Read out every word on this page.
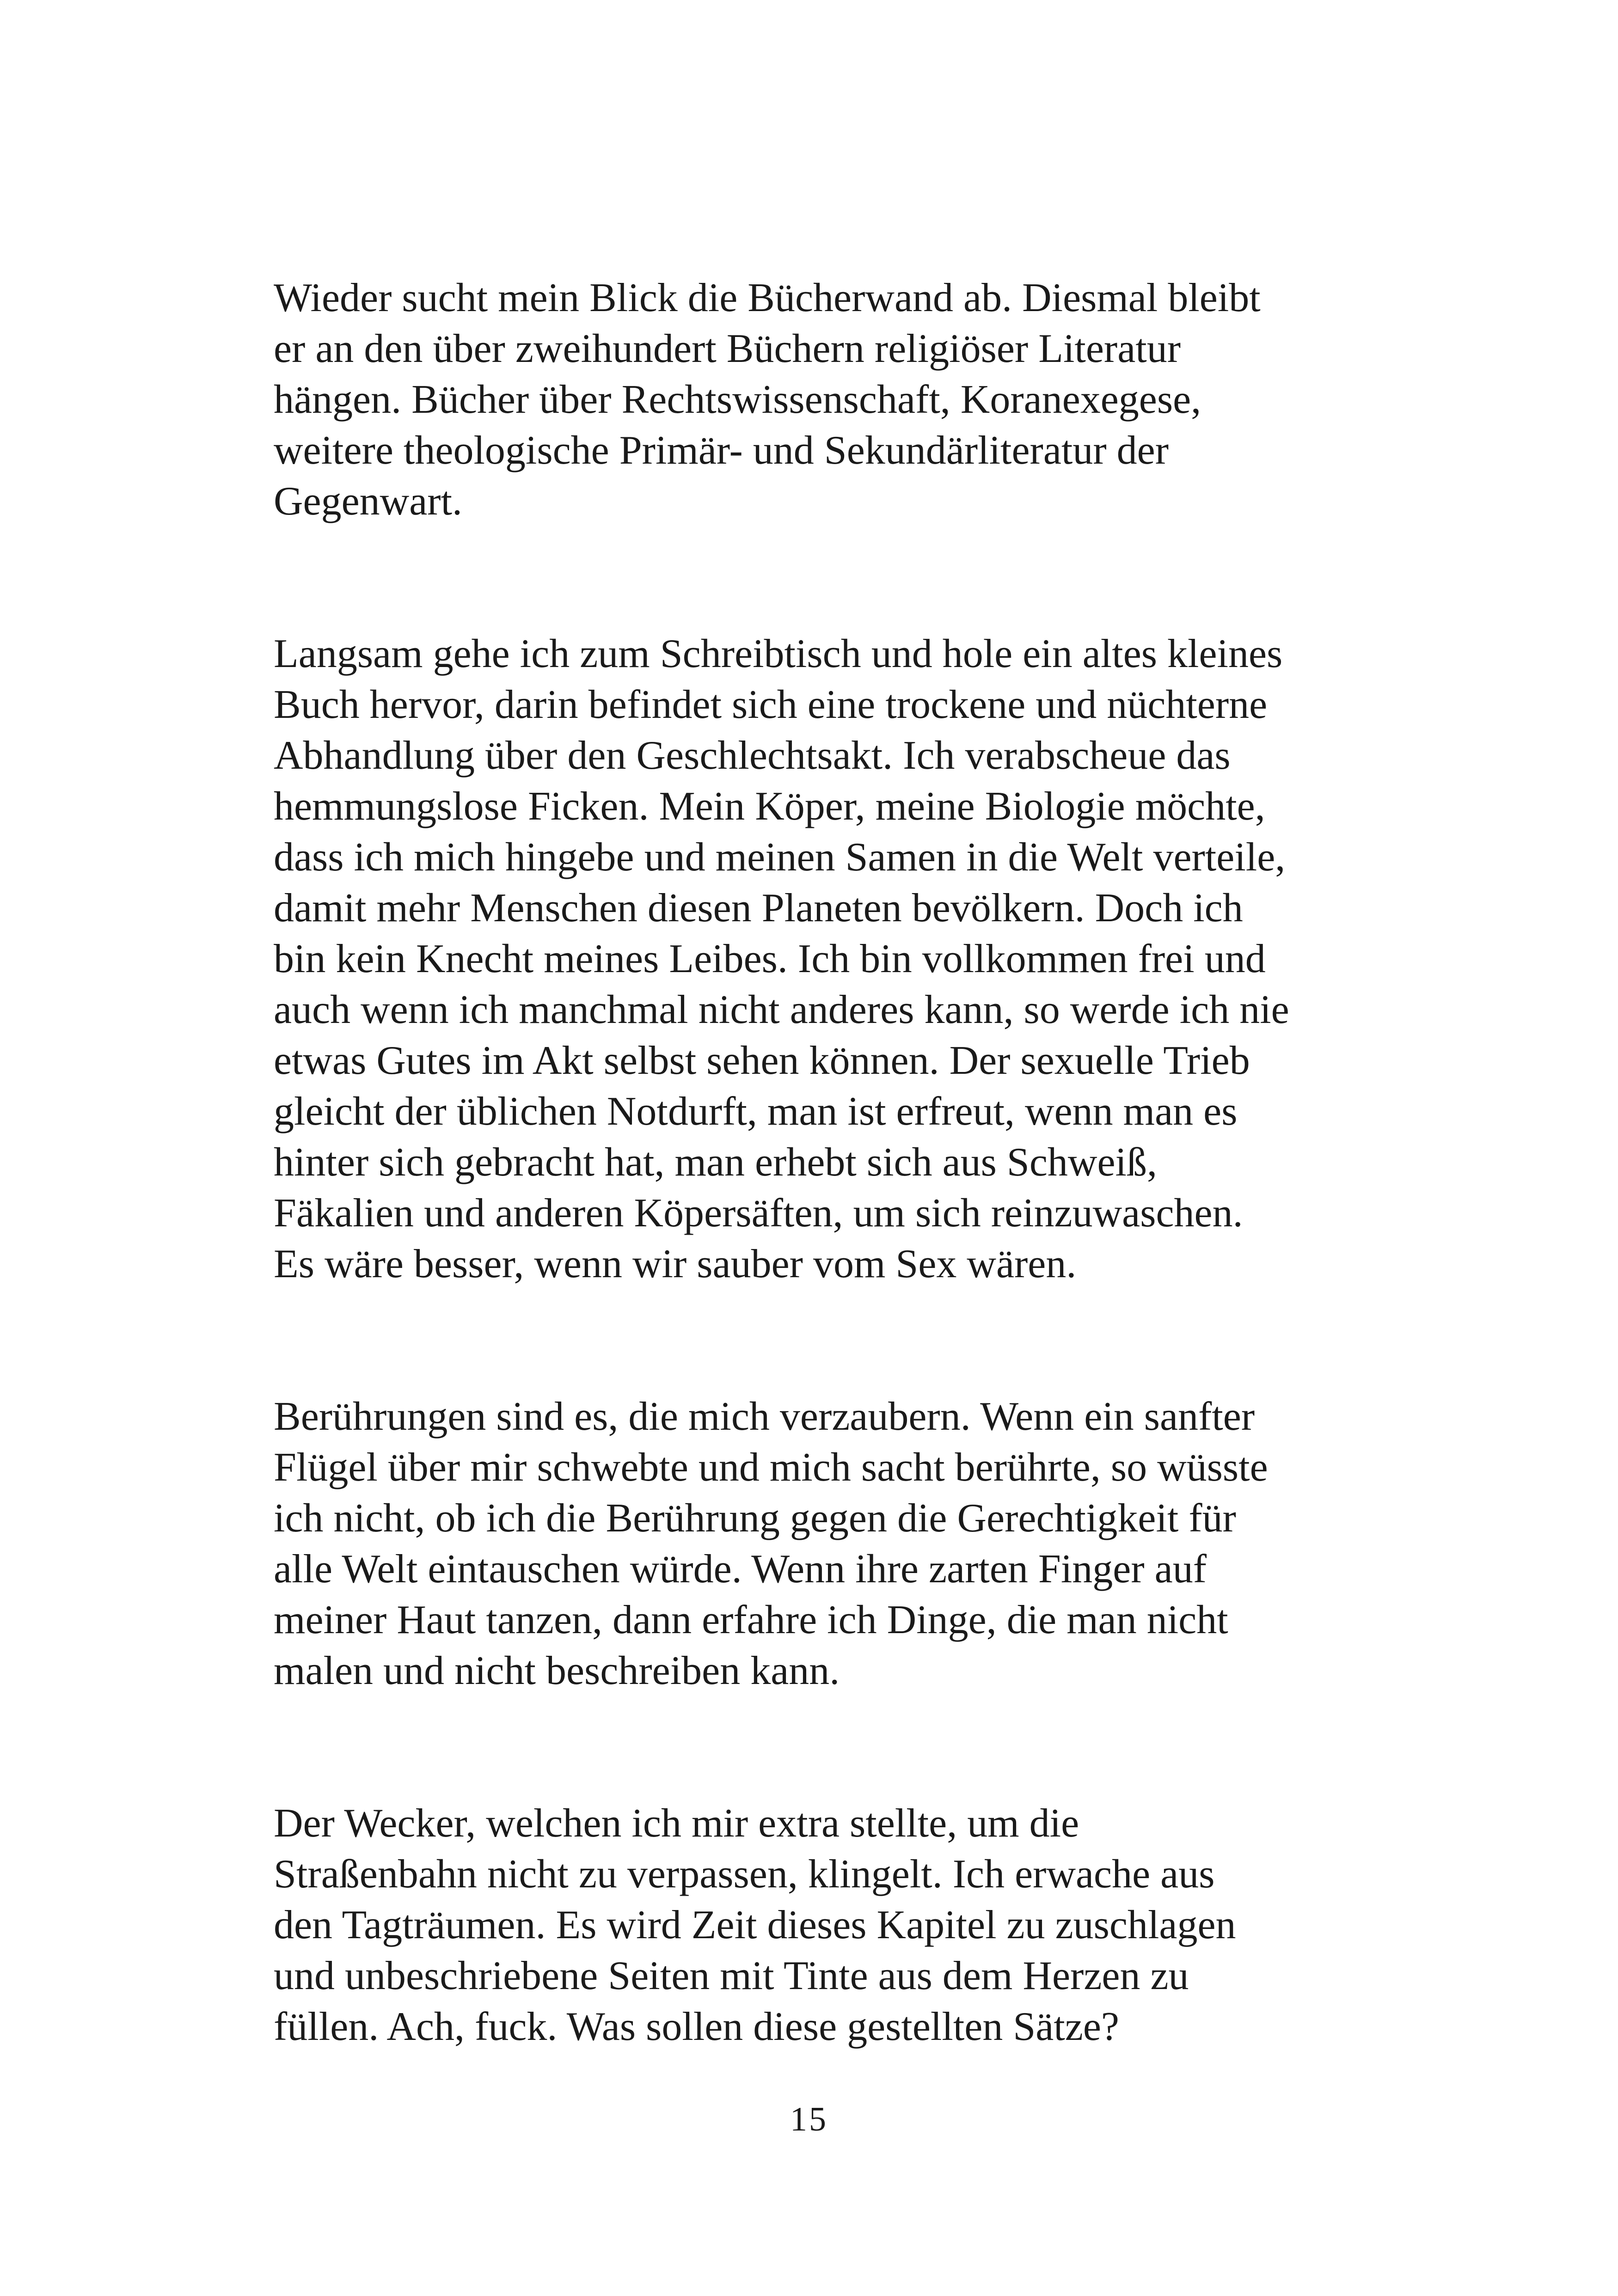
Wieder sucht mein Blick die Bücherwand ab. Diesmal bleibt
er an den über zweihundert Büchern religiöser Literatur
hängen. Bücher über Rechtswissenschaft, Koranexegese,
weitere theologische Primär- und Sekundärliteratur der
Gegenwart.

Langsam gehe ich zum Schreibtisch und hole ein altes kleines
Buch hervor, darin befindet sich eine trockene und nüchterne
Abhandlung über den Geschlechtsakt. Ich verabscheue das
hemmungslose Ficken. Mein Köper, meine Biologie möchte,
dass ich mich hingebe und meinen Samen in die Welt verteile,
damit mehr Menschen diesen Planeten bevölkern. Doch ich
bin kein Knecht meines Leibes. Ich bin vollkommen frei und
auch wenn ich manchmal nicht anderes kann, so werde ich nie
etwas Gutes im Akt selbst sehen können. Der sexuelle Trieb
gleicht der üblichen Notdurft, man ist erfreut, wenn man es
hinter sich gebracht hat, man erhebt sich aus Schweiß,
Fäkalien und anderen Köpersäften, um sich reinzuwaschen.
Es wäre besser, wenn wir sauber vom Sex wären.

Berührungen sind es, die mich verzaubern. Wenn ein sanfter
Flügel über mir schwebte und mich sacht berührte, so wüsste
ich nicht, ob ich die Berührung gegen die Gerechtigkeit für
alle Welt eintauschen würde. Wenn ihre zarten Finger auf
meiner Haut tanzen, dann erfahre ich Dinge, die man nicht
malen und nicht beschreiben kann.

Der Wecker, welchen ich mir extra stellte, um die
Straßenbahn nicht zu verpassen, klingelt. Ich erwache aus
den Tagträumen. Es wird Zeit dieses Kapitel zu zuschlagen
und unbeschriebene Seiten mit Tinte aus dem Herzen zu
füllen. Ach, fuck. Was sollen diese gestellten Sätze?

15
